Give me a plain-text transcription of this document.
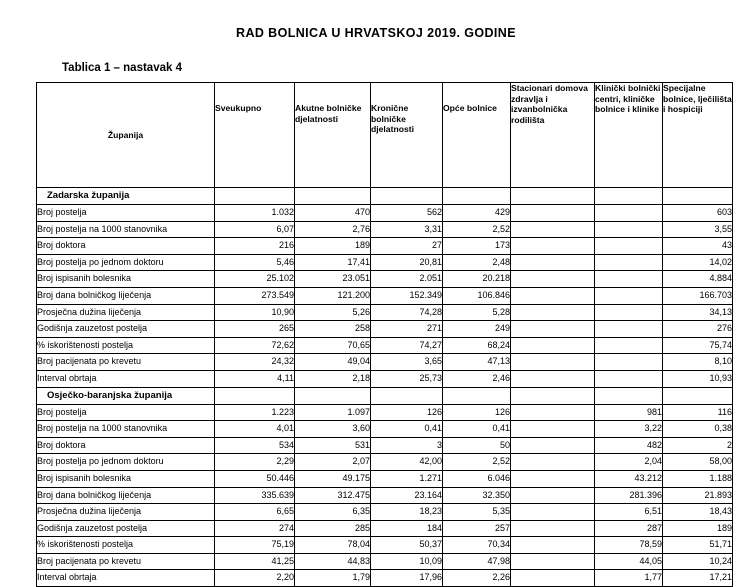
RAD BOLNICA U HRVATSKOJ 2019. GODINE
Tablica 1 – nastavak 4
Županija	Sveukupno	Akutne bolničke djelatnosti	Kronične bolničke djelatnosti	Opće bolnice	Stacionari domova zdravlja i izvanbolnička rodilišta	Klinički bolnički centri, kliničke bolnice i klinike	Specijalne bolnice, lječilišta i hospiciji
Zadarska županija							
Broj postelja	1.032	470	562	429			603
Broj postelja na 1000 stanovnika	6,07	2,76	3,31	2,52			3,55
Broj doktora	216	189	27	173			43
Broj postelja po jednom doktoru	5,46	17,41	20,81	2,48			14,02
Broj ispisanih bolesnika	25.102	23.051	2.051	20.218			4.884
Broj dana bolničkog liječenja	273.549	121.200	152.349	106.846			166.703
Prosječna dužina liječenja	10,90	5,26	74,28	5,28			34,13
Godišnja zauzetost postelja	265	258	271	249			276
% iskorištenosti postelja	72,62	70,65	74,27	68,24			75,74
Broj pacijenata po krevetu	24,32	49,04	3,65	47,13			8,10
Interval obrtaja	4,11	2,18	25,73	2,46			10,93
Osječko-baranjska županija							
Broj postelja	1.223	1.097	126	126		981	116
Broj postelja na 1000 stanovnika	4,01	3,60	0,41	0,41		3,22	0,38
Broj doktora	534	531	3	50		482	2
Broj postelja po jednom doktoru	2,29	2,07	42,00	2,52		2,04	58,00
Broj ispisanih bolesnika	50.446	49.175	1.271	6.046		43.212	1.188
Broj dana bolničkog liječenja	335.639	312.475	23.164	32.350		281.396	21.893
Prosječna dužina liječenja	6,65	6,35	18,23	5,35		6,51	18,43
Godišnja zauzetost postelja	274	285	184	257		287	189
% iskorištenosti postelja	75,19	78,04	50,37	70,34		78,59	51,71
Broj pacijenata po krevetu	41,25	44,83	10,09	47,98		44,05	10,24
Interval obrtaja	2,20	1,79	17,96	2,26		1,77	17,21
